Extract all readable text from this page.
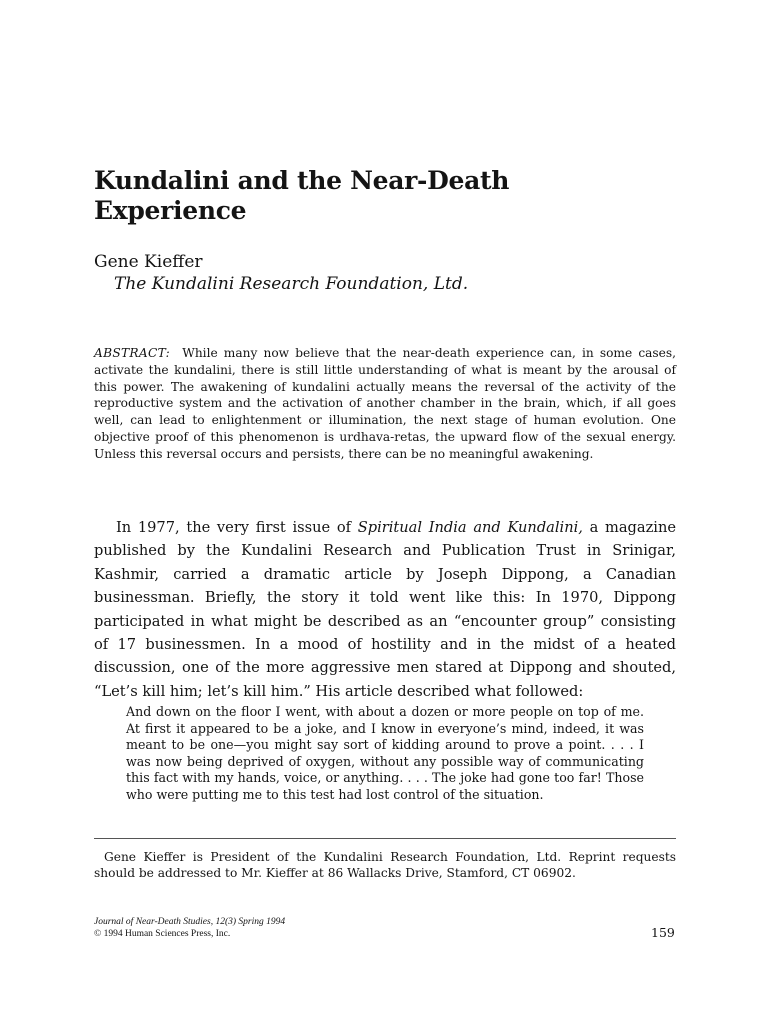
Kundalini and the Near-Death
Experience
Gene Kieffer
The Kundalini Research Foundation, Ltd.

ABSTRACT: While many now believe that the near-death experience can, in some cases, activate the kundalini, there is still little understanding of what is meant by the arousal of this power. The awakening of kundalini actually means the reversal of the activity of the reproductive system and the activation of another chamber in the brain, which, if all goes well, can lead to enlightenment or illumination, the next stage of human evolution. One objective proof of this phenomenon is urdhava-retas, the upward flow of the sexual energy. Unless this reversal occurs and persists, there can be no meaningful awakening.

In 1977, the very first issue of Spiritual India and Kundalini, a magazine published by the Kundalini Research and Publication Trust in Srinigar, Kashmir, carried a dramatic article by Joseph Dippong, a Canadian businessman. Briefly, the story it told went like this: In 1970, Dippong participated in what might be described as an “encounter group” consisting of 17 businessmen. In a mood of hostility and in the midst of a heated discussion, one of the more aggressive men stared at Dippong and shouted, “Let’s kill him; let’s kill him.” His article described what followed:

And down on the floor I went, with about a dozen or more people on top of me. At first it appeared to be a joke, and I know in everyone’s mind, indeed, it was meant to be one—you might say sort of kidding around to prove a point. . . . I was now being deprived of oxygen, without any possible way of communicating this fact with my hands, voice, or anything. . . . The joke had gone too far! Those who were putting me to this test had lost control of the situation.

Gene Kieffer is President of the Kundalini Research Foundation, Ltd. Reprint requests should be addressed to Mr. Kieffer at 86 Wallacks Drive, Stamford, CT 06902.

Journal of Near-Death Studies, 12(3) Spring 1994
© 1994 Human Sciences Press, Inc.	159
